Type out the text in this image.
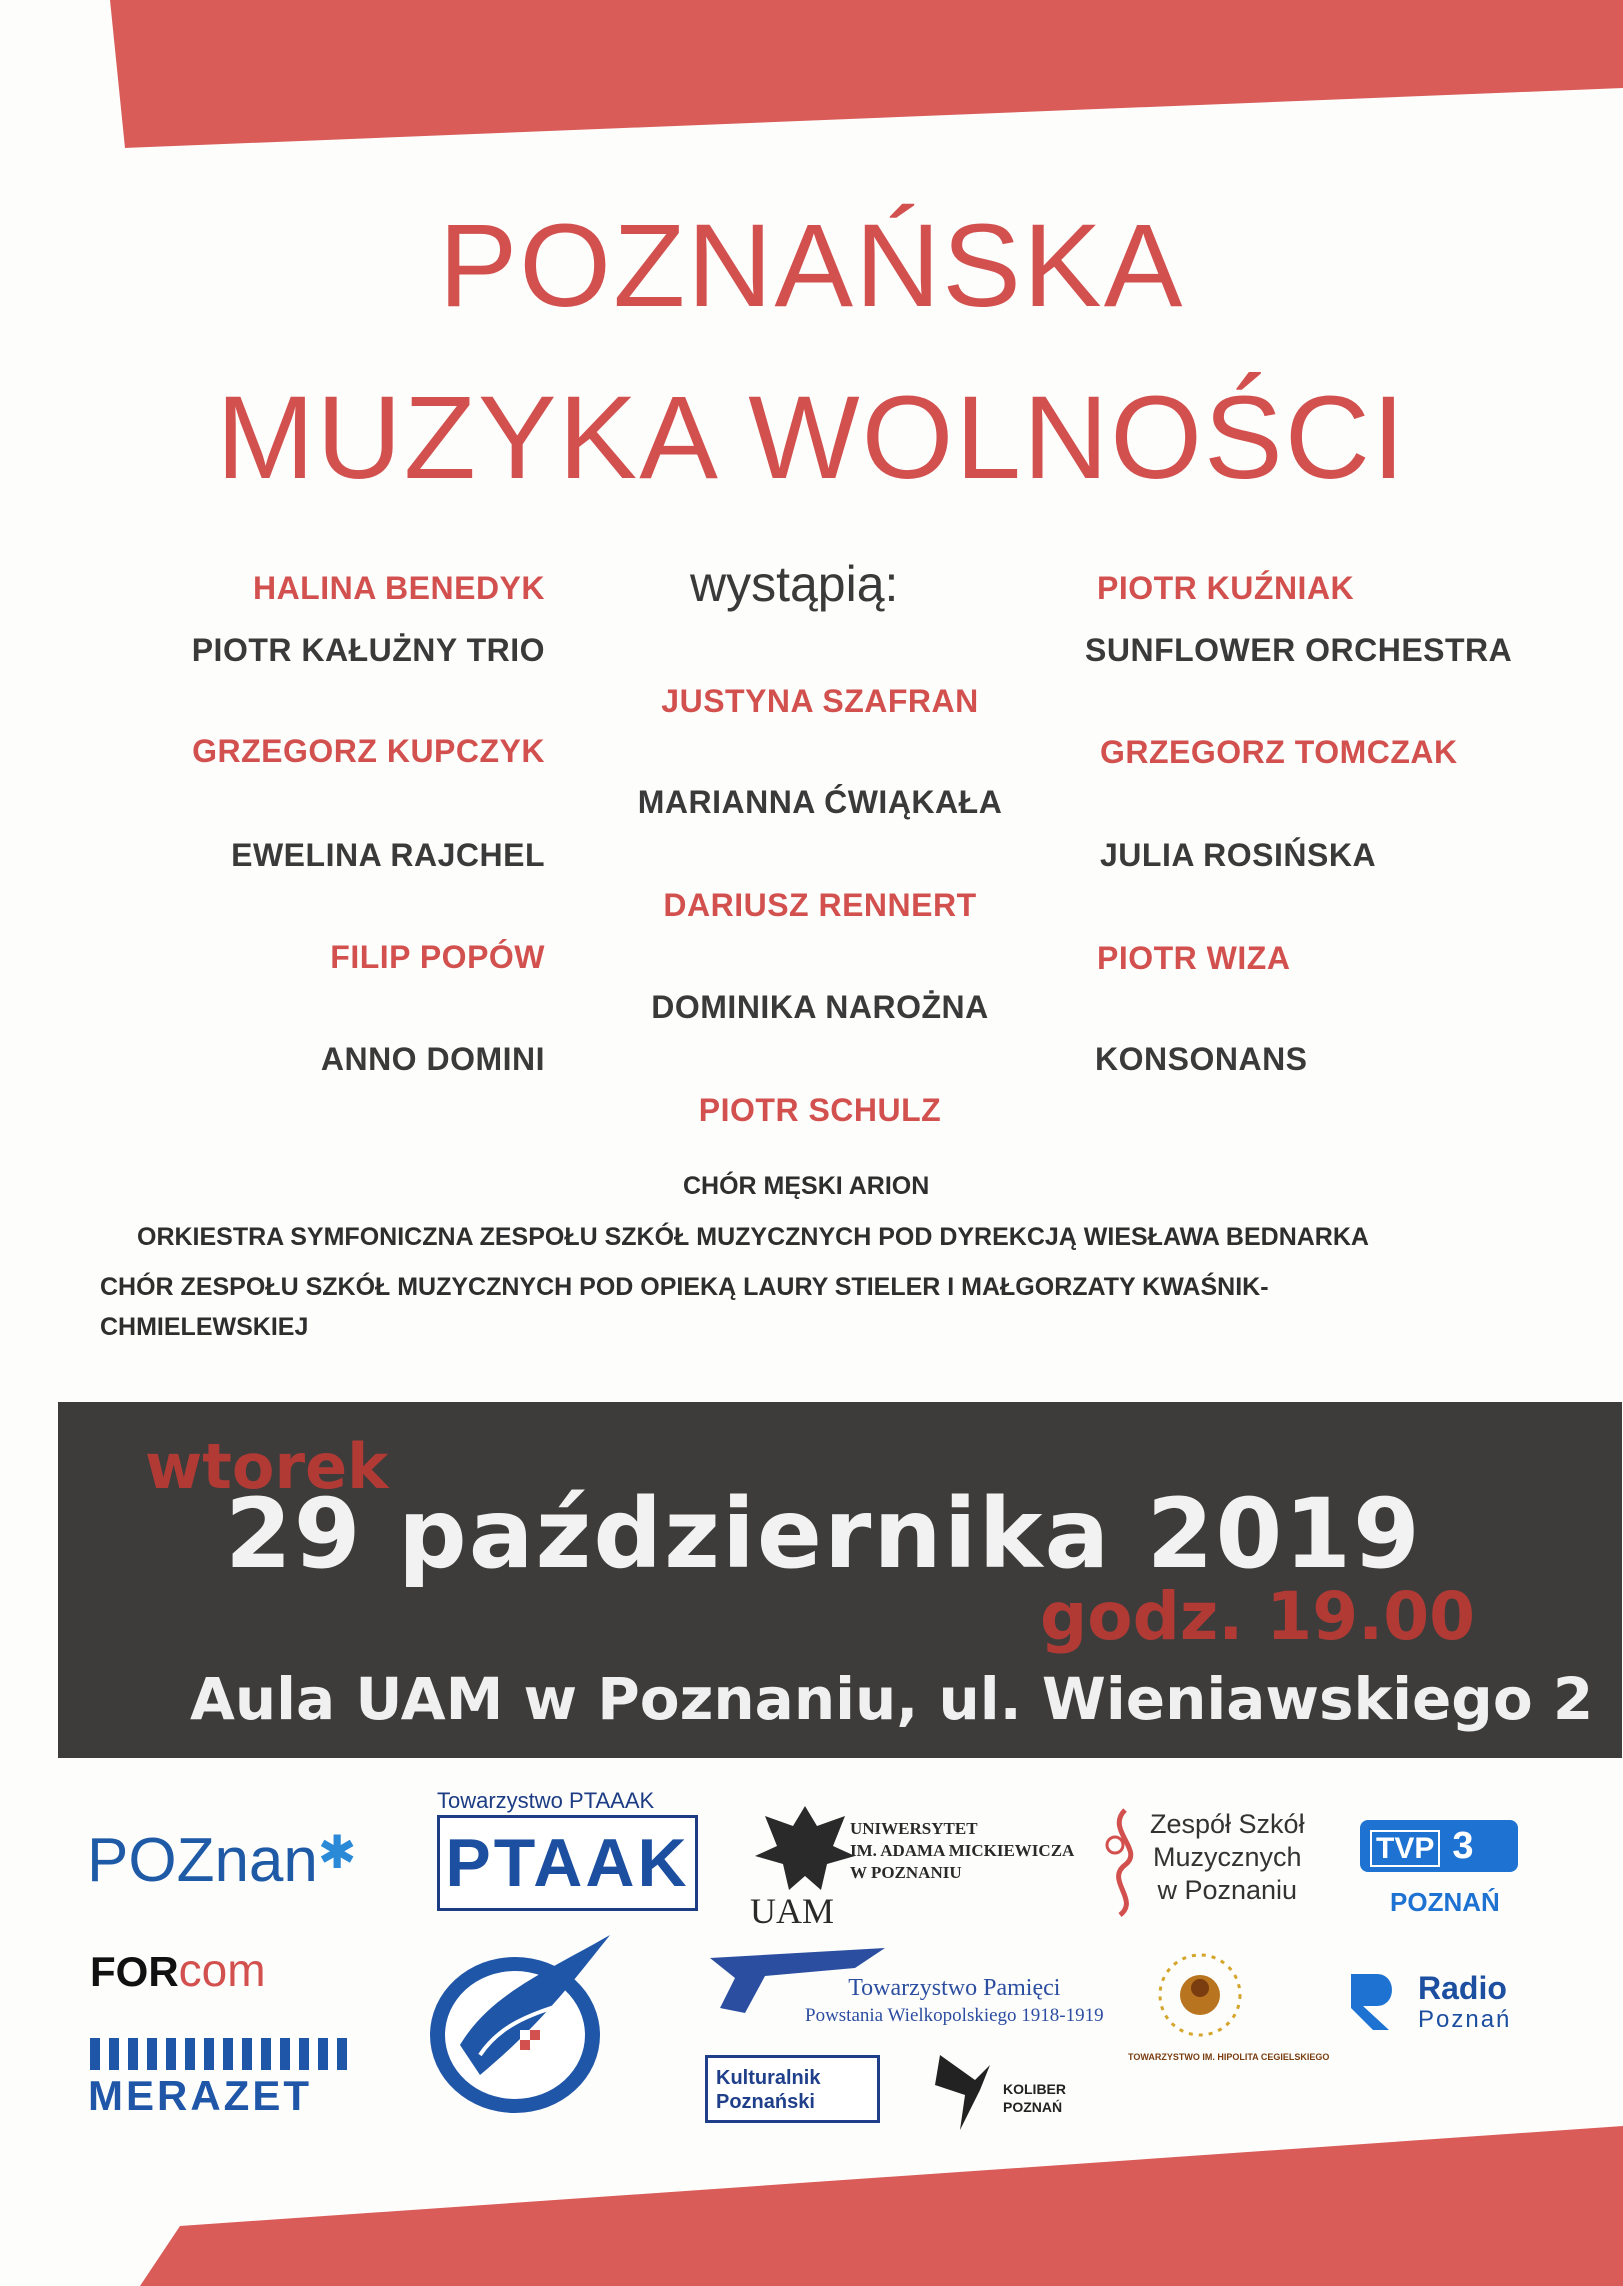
POZNAŃSKA
MUZYKA WOLNOŚCI
wystąpią:
HALINA BENEDYK
PIOTR KAŁUŻNY TRIO
GRZEGORZ KUPCZYK
EWELINA RAJCHEL
FILIP POPÓW
ANNO DOMINI
JUSTYNA SZAFRAN
MARIANNA ĆWIĄKAŁA
DARIUSZ RENNERT
DOMINIKA NAROŻNA
PIOTR SCHULZ
PIOTR KUŹNIAK
SUNFLOWER ORCHESTRA
GRZEGORZ TOMCZAK
JULIA ROSIŃSKA
PIOTR WIZA
KONSONANS
CHÓR MĘSKI ARION
ORKIESTRA SYMFONICZNA ZESPOŁU SZKÓŁ MUZYCZNYCH POD DYREKCJĄ WIESŁAWA BEDNARKA
CHÓR ZESPOŁU SZKÓŁ MUZYCZNYCH POD OPIEKĄ LAURY STIELER I MAŁGORZATY KWAŚNIK-
CHMIELEWSKIEJ
wtorek
29 października 2019
godz. 19.00
Aula UAM w Poznaniu, ul. Wieniawskiego 2
POZnan✱
Towarzystwo PTAAAK
PTAAK
UAM
UNIWERSYTET
IM. ADAMA MICKIEWICZA
W POZNANIU
Zespół Szkół
Muzycznych
w Poznaniu
TVP 3
POZNAŃ
FORcom	Towarzystwo Pamięci
Powstania Wielkopolskiego 1918-1919
TOWARZYSTWO IM. HIPOLITA CEGIELSKIEGO
Radio
Poznań
MERAZET	Kulturalnik
Poznański
KOLIBER
POZNAŃ
